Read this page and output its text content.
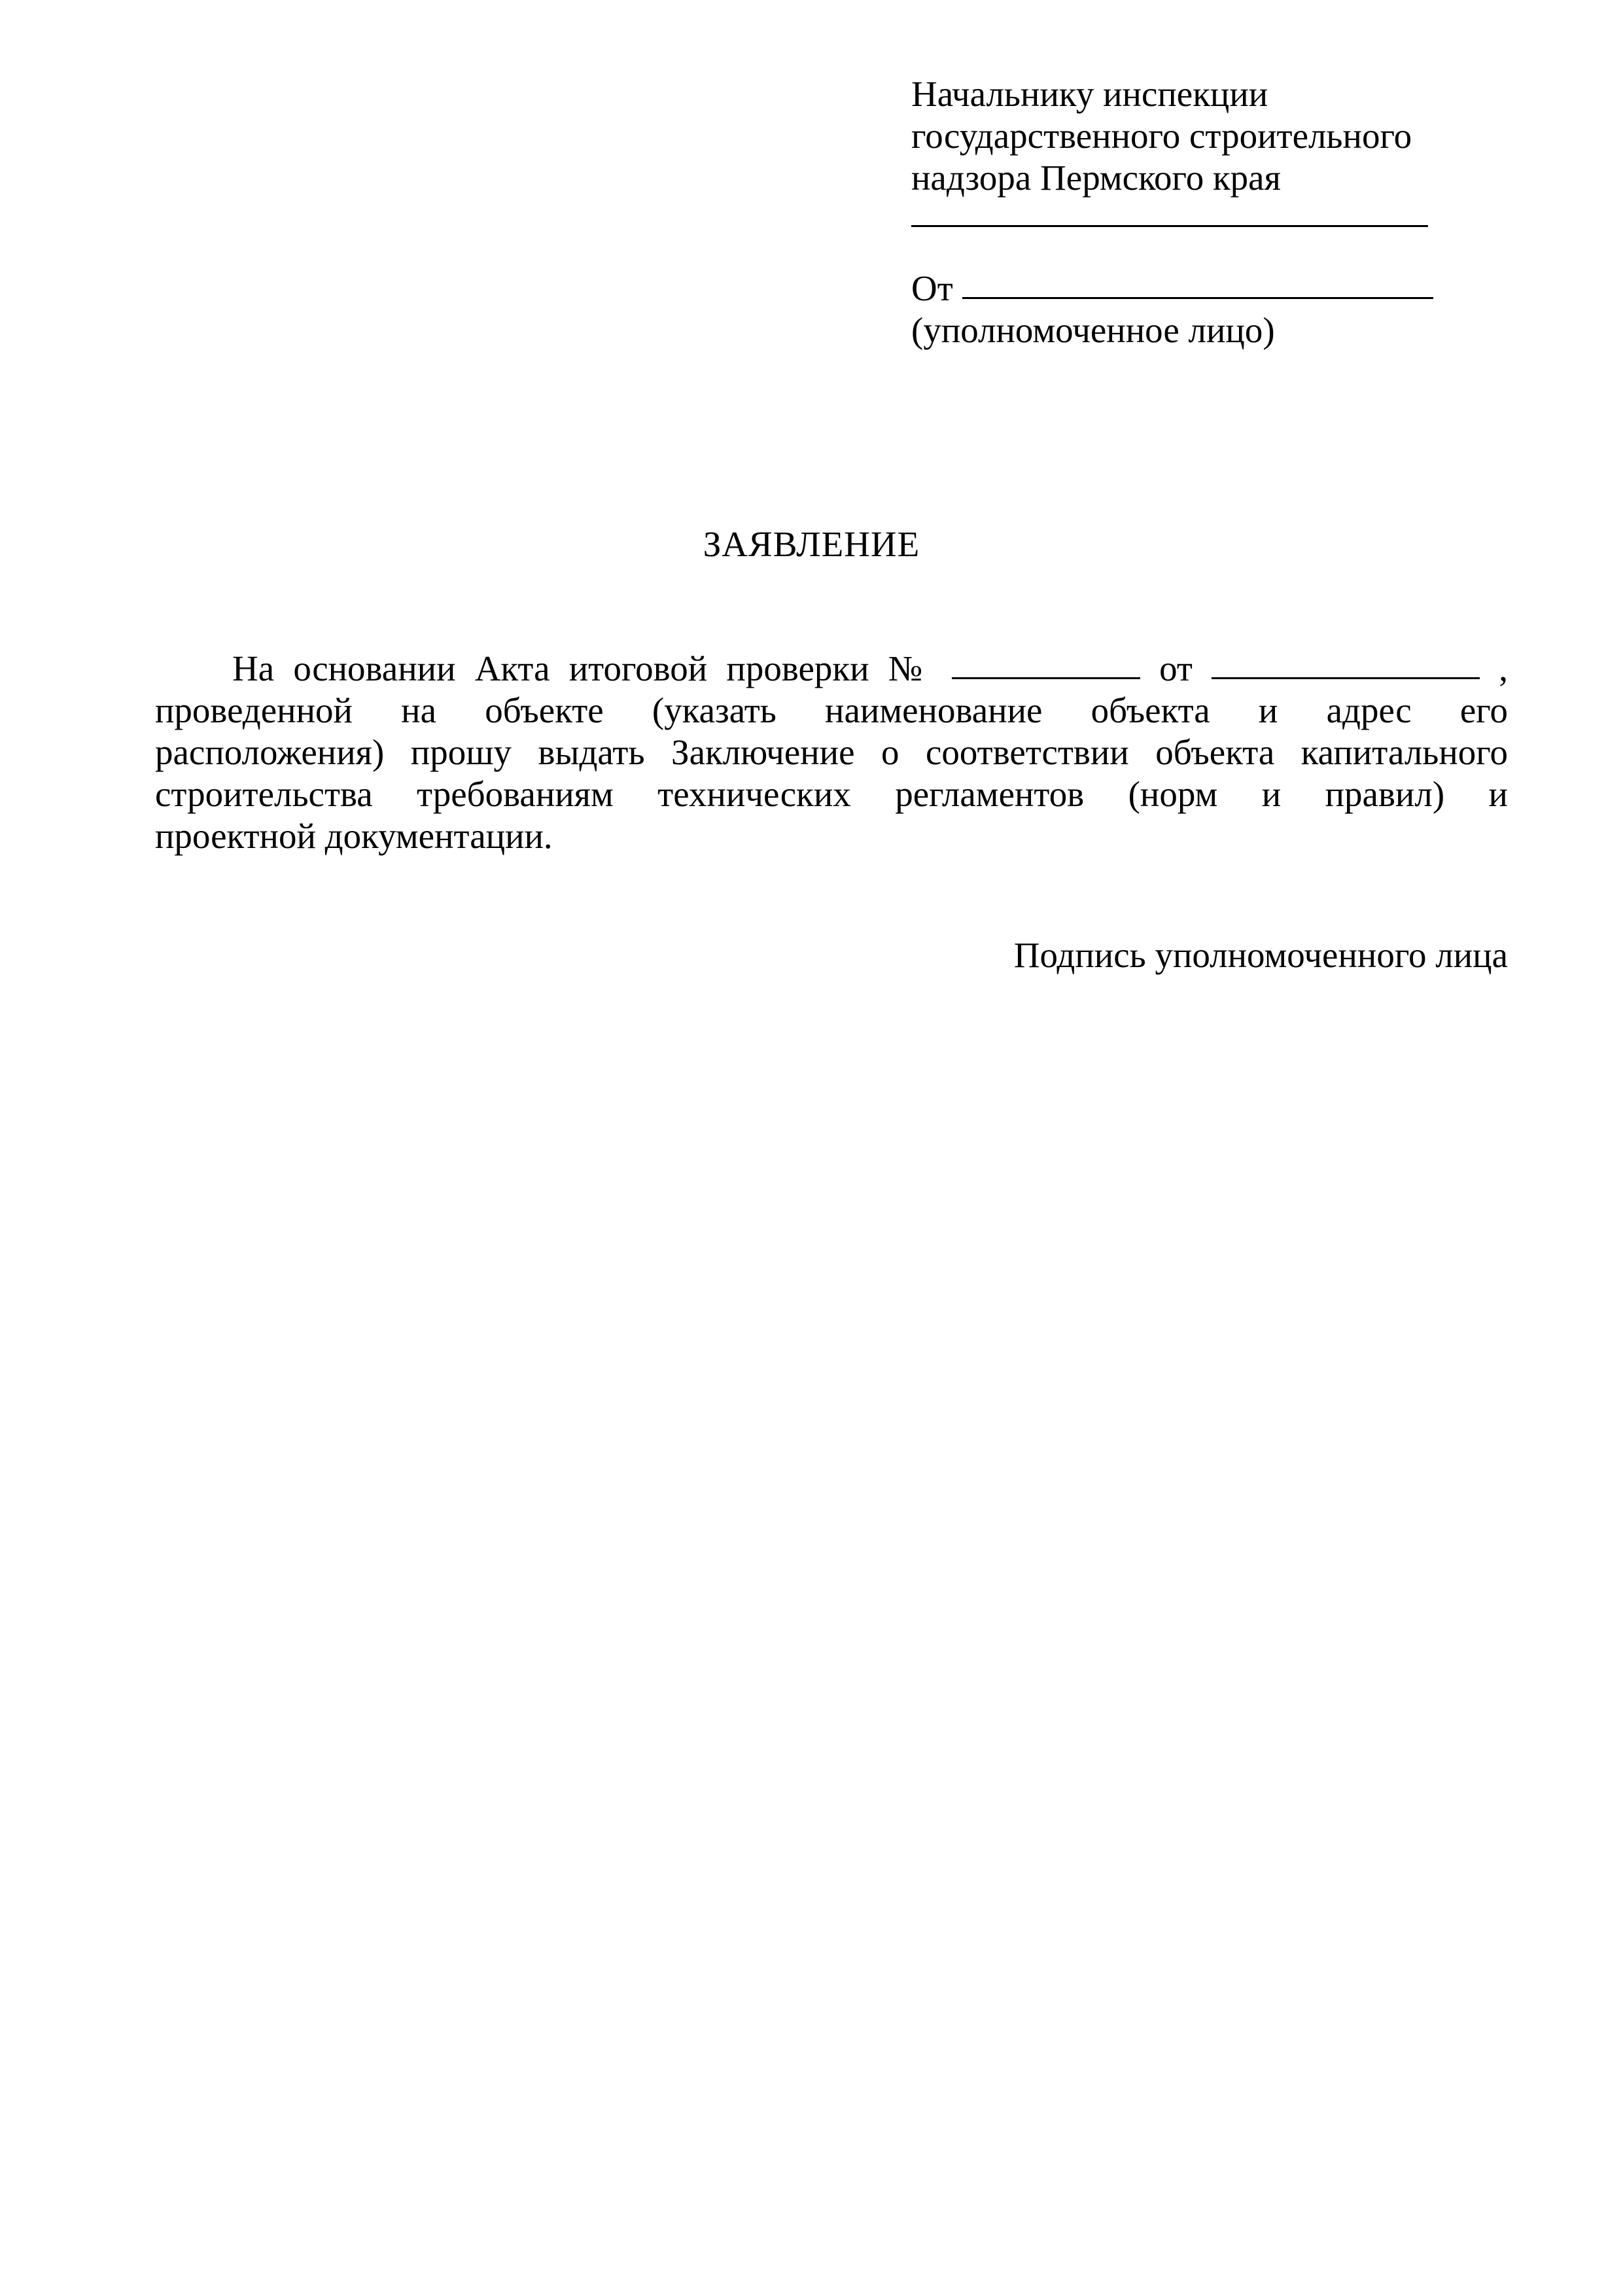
Начальнику инспекции
государственного строительного
надзора Пермского края
От
(уполномоченное лицо)
ЗАЯВЛЕНИЕ
На основании Акта итоговой проверки №	от	,
проведенной на объекте (указать наименование объекта и адрес его
расположения) прошу выдать Заключение о соответствии объекта капитального
строительства требованиям технических регламентов (норм и правил) и
проектной документации.
Подпись уполномоченного лица
